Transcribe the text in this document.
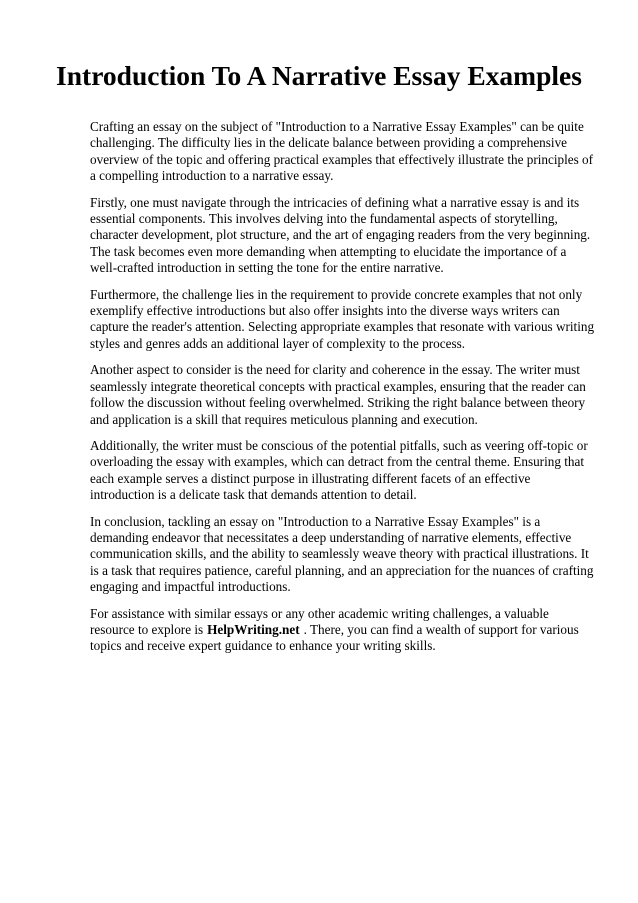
Introduction To A Narrative Essay Examples

Crafting an essay on the subject of "Introduction to a Narrative Essay Examples" can be quite challenging. The difficulty lies in the delicate balance between providing a comprehensive overview of the topic and offering practical examples that effectively illustrate the principles of a compelling introduction to a narrative essay.

Firstly, one must navigate through the intricacies of defining what a narrative essay is and its essential components. This involves delving into the fundamental aspects of storytelling, character development, plot structure, and the art of engaging readers from the very beginning. The task becomes even more demanding when attempting to elucidate the importance of a well-crafted introduction in setting the tone for the entire narrative.

Furthermore, the challenge lies in the requirement to provide concrete examples that not only exemplify effective introductions but also offer insights into the diverse ways writers can capture the reader's attention. Selecting appropriate examples that resonate with various writing styles and genres adds an additional layer of complexity to the process.

Another aspect to consider is the need for clarity and coherence in the essay. The writer must seamlessly integrate theoretical concepts with practical examples, ensuring that the reader can follow the discussion without feeling overwhelmed. Striking the right balance between theory and application is a skill that requires meticulous planning and execution.

Additionally, the writer must be conscious of the potential pitfalls, such as veering off-topic or overloading the essay with examples, which can detract from the central theme. Ensuring that each example serves a distinct purpose in illustrating different facets of an effective introduction is a delicate task that demands attention to detail.

In conclusion, tackling an essay on "Introduction to a Narrative Essay Examples" is a demanding endeavor that necessitates a deep understanding of narrative elements, effective communication skills, and the ability to seamlessly weave theory with practical illustrations. It is a task that requires patience, careful planning, and an appreciation for the nuances of crafting engaging and impactful introductions.

For assistance with similar essays or any other academic writing challenges, a valuable resource to explore is HelpWriting.net . There, you can find a wealth of support for various topics and receive expert guidance to enhance your writing skills.
